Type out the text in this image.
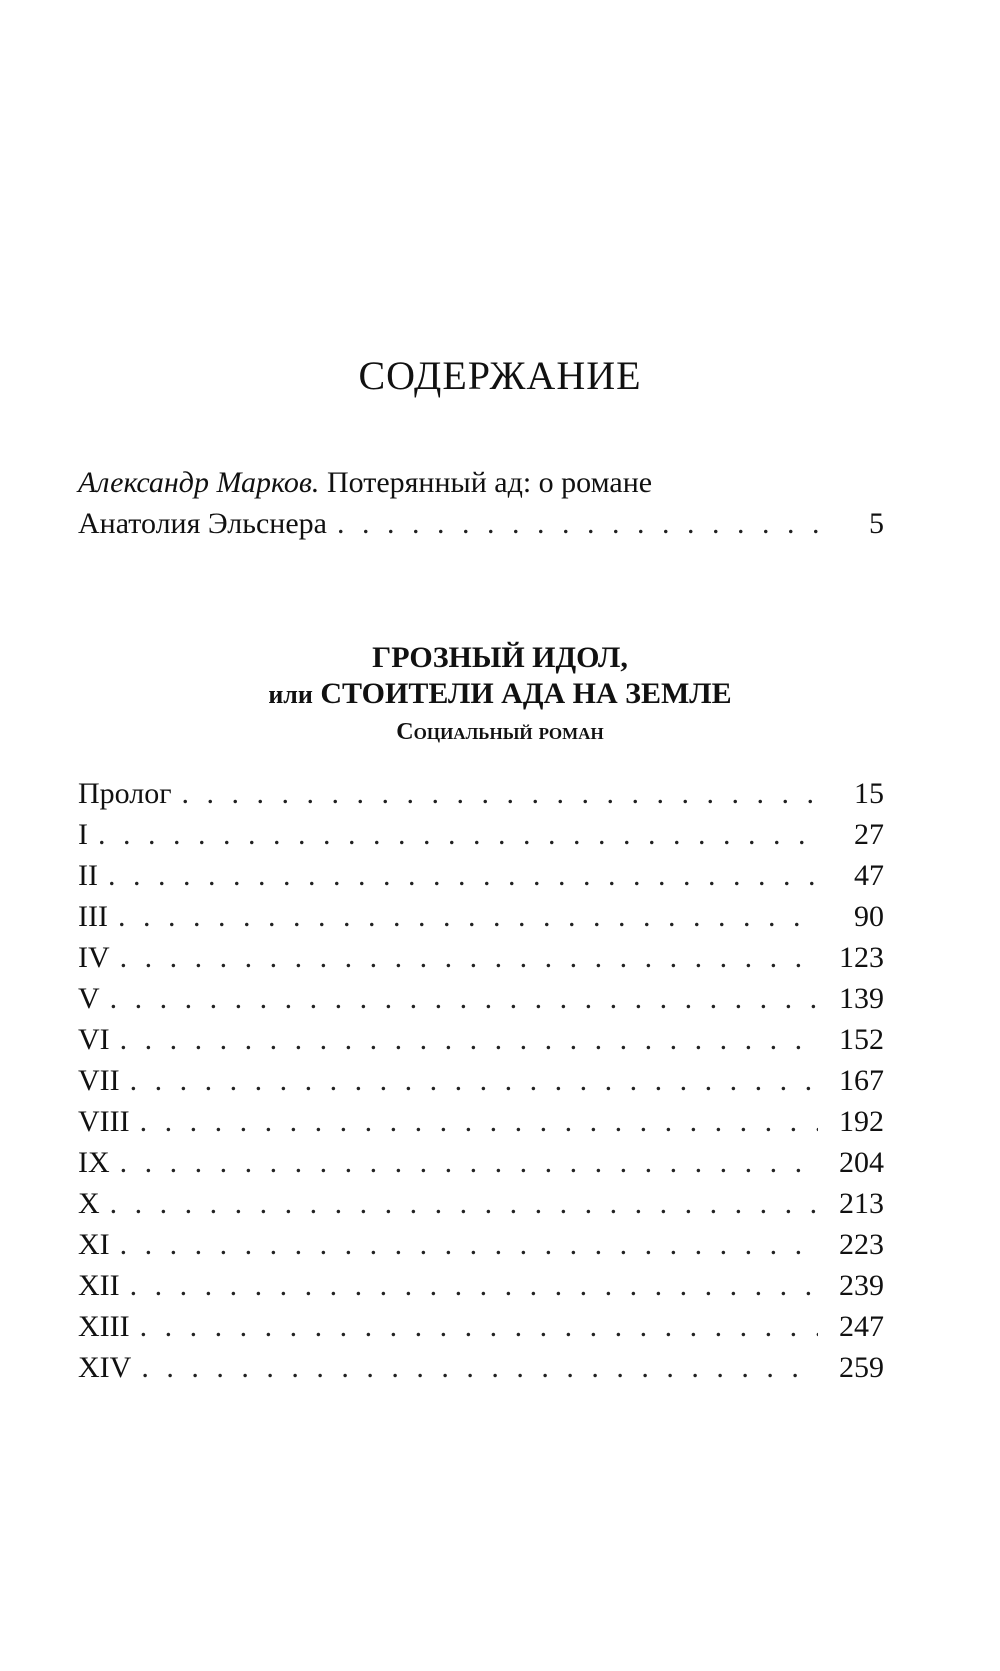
СОДЕРЖАНИЕ
Александр Марков. Потерянный ад: о романе
Анатолия Эльснера . . .	5
ГРОЗНЫЙ ИДОЛ,
или СТОИТЕЛИ АДА НА ЗЕМЛЕ
Социальный роман
Пролог . . .	15
I . . .	27
II . . .	47
III . . .	90
IV . . .	123
V . . .	139
VI . . .	152
VII . . .	167
VIII . . .	192
IX . . .	204
X . . .	213
XI . . .	223
XII . . .	239
XIII . . .	247
XIV . . .	259
